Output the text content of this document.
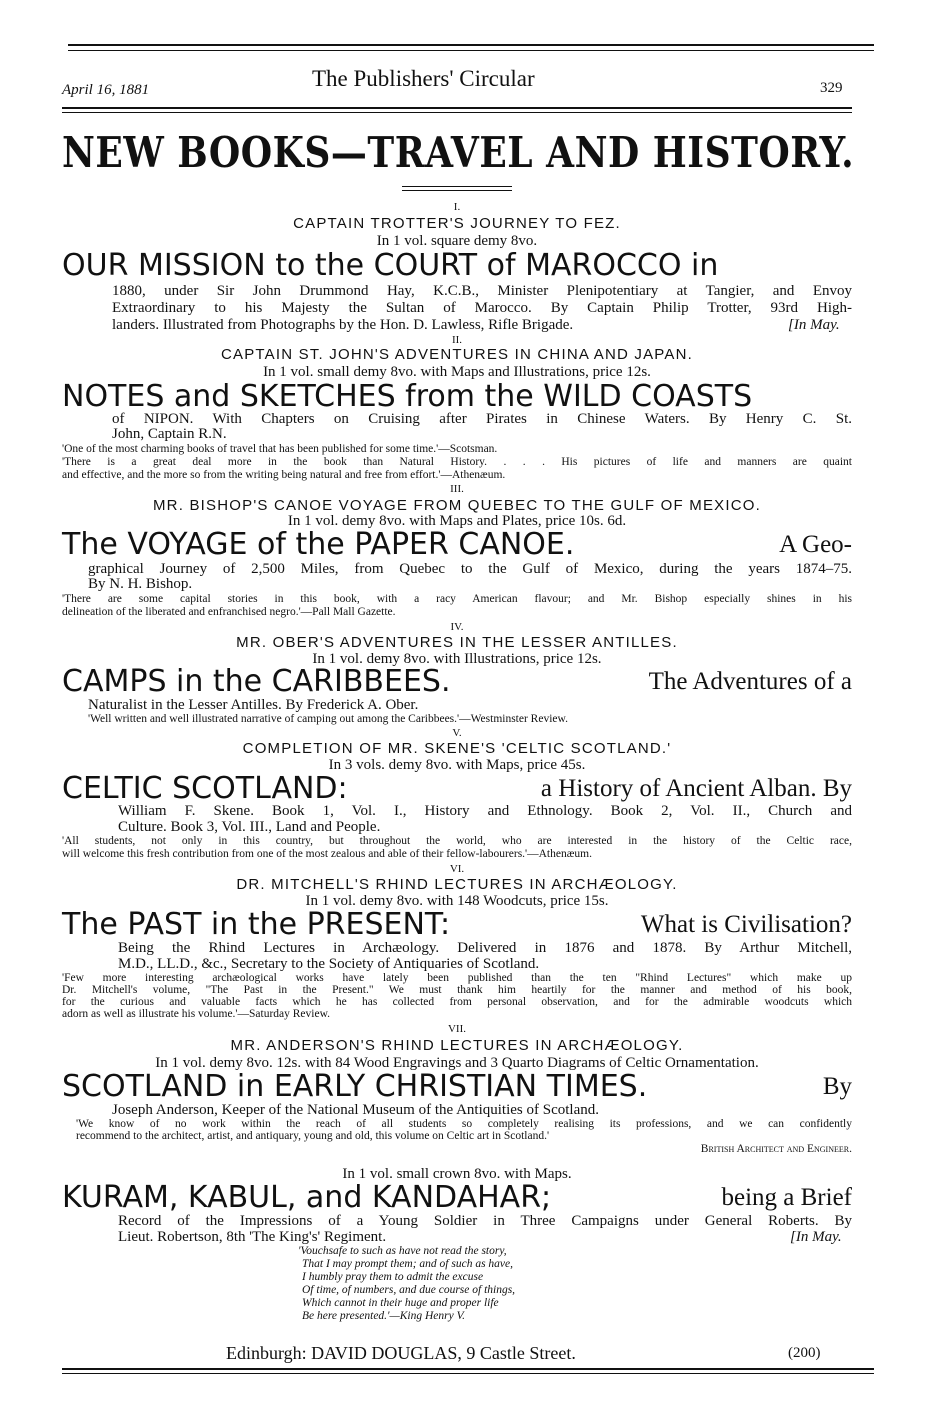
April 16, 1881	The Publishers' Circular	329
NEW BOOKS—TRAVEL AND HISTORY.
I.
CAPTAIN TROTTER'S JOURNEY TO FEZ.
In 1 vol. square demy 8vo.
OUR MISSION to the COURT of MAROCCO in
1880, under Sir John Drummond Hay, K.C.B., Minister Plenipotentiary at Tangier, and Envoy
Extraordinary to his Majesty the Sultan of Marocco. By Captain Philip Trotter, 93rd High-
landers. Illustrated from Photographs by the Hon. D. Lawless, Rifle Brigade.	[In May.
II.
CAPTAIN ST. JOHN'S ADVENTURES IN CHINA AND JAPAN.
In 1 vol. small demy 8vo. with Maps and Illustrations, price 12s.
NOTES and SKETCHES from the WILD COASTS
of NIPON. With Chapters on Cruising after Pirates in Chinese Waters. By Henry C. St.
John, Captain R.N.
'One of the most charming books of travel that has been published for some time.'—Scotsman.
'There is a great deal more in the book than Natural History. . . . His pictures of life and manners are quaint
and effective, and the more so from the writing being natural and free from effort.'—Athenæum.
III.
MR. BISHOP'S CANOE VOYAGE FROM QUEBEC TO THE GULF OF MEXICO.
In 1 vol. demy 8vo. with Maps and Plates, price 10s. 6d.
The VOYAGE of the PAPER CANOE.	A Geo-
graphical Journey of 2,500 Miles, from Quebec to the Gulf of Mexico, during the years 1874–75.
By N. H. Bishop.
'There are some capital stories in this book, with a racy American flavour; and Mr. Bishop especially shines in his
delineation of the liberated and enfranchised negro.'—Pall Mall Gazette.
IV.
MR. OBER'S ADVENTURES IN THE LESSER ANTILLES.
In 1 vol. demy 8vo. with Illustrations, price 12s.
CAMPS in the CARIBBEES.	The Adventures of a
Naturalist in the Lesser Antilles. By Frederick A. Ober.
'Well written and well illustrated narrative of camping out among the Caribbees.'—Westminster Review.
V.
COMPLETION OF MR. SKENE'S 'CELTIC SCOTLAND.'
In 3 vols. demy 8vo. with Maps, price 45s.
CELTIC SCOTLAND:	a History of Ancient Alban. By
William F. Skene. Book 1, Vol. I., History and Ethnology. Book 2, Vol. II., Church and
Culture. Book 3, Vol. III., Land and People.
'All students, not only in this country, but throughout the world, who are interested in the history of the Celtic race,
will welcome this fresh contribution from one of the most zealous and able of their fellow-labourers.'—Athenæum.
VI.
DR. MITCHELL'S RHIND LECTURES IN ARCHÆOLOGY.
In 1 vol. demy 8vo. with 148 Woodcuts, price 15s.
The PAST in the PRESENT:	What is Civilisation?
Being the Rhind Lectures in Archæology. Delivered in 1876 and 1878. By Arthur Mitchell,
M.D., LL.D., &c., Secretary to the Society of Antiquaries of Scotland.
'Few more interesting archæological works have lately been published than the ten "Rhind Lectures" which make up
Dr. Mitchell's volume, "The Past in the Present." We must thank him heartily for the manner and method of his book,
for the curious and valuable facts which he has collected from personal observation, and for the admirable woodcuts which
adorn as well as illustrate his volume.'—Saturday Review.
VII.
MR. ANDERSON'S RHIND LECTURES IN ARCHÆOLOGY.
In 1 vol. demy 8vo. 12s. with 84 Wood Engravings and 3 Quarto Diagrams of Celtic Ornamentation.
SCOTLAND in EARLY CHRISTIAN TIMES.	By
Joseph Anderson, Keeper of the National Museum of the Antiquities of Scotland.
'We know of no work within the reach of all students so completely realising its professions, and we can confidently
recommend to the architect, artist, and antiquary, young and old, this volume on Celtic art in Scotland.'
British Architect and Engineer.
In 1 vol. small crown 8vo. with Maps.
KURAM, KABUL, and KANDAHAR;	being a Brief
Record of the Impressions of a Young Soldier in Three Campaigns under General Roberts. By
Lieut. Robertson, 8th 'The King's' Regiment.	[In May.
'Vouchsafe to such as have not read the story,
That I may prompt them; and of such as have,
I humbly pray them to admit the excuse
Of time, of numbers, and due course of things,
Which cannot in their huge and proper life
Be here presented.'—King Henry V.
Edinburgh: DAVID DOUGLAS, 9 Castle Street.	(200)
